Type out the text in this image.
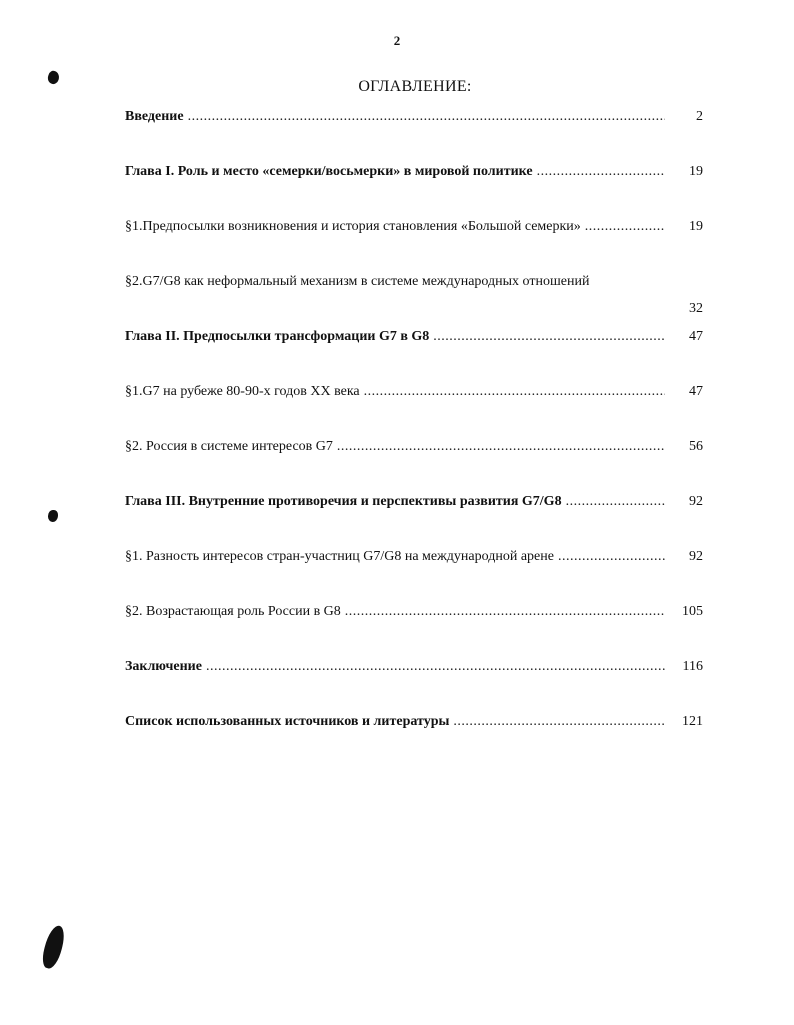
2
ОГЛАВЛЕНИЕ:
Введение .....	2
Глава I. Роль и место «семерки/восьмерки» в мировой политике .....	19
§1.Предпосылки возникновения и история становления «Большой семерки» .....	19
§2.G7/G8 как неформальный механизм в системе международных отношений
32
Глава II. Предпосылки трансформации G7 в G8 .....	47
§1.G7 на рубеже 80-90-х годов XX века .....	47
§2. Россия в системе интересов G7 .....	56
Глава III. Внутренние противоречия и перспективы развития G7/G8 .....	92
§1. Разность интересов стран-участниц G7/G8 на международной арене .....	92
§2. Возрастающая роль России в G8 .....	105
Заключение .....	116
Список использованных источников и литературы .....	121
